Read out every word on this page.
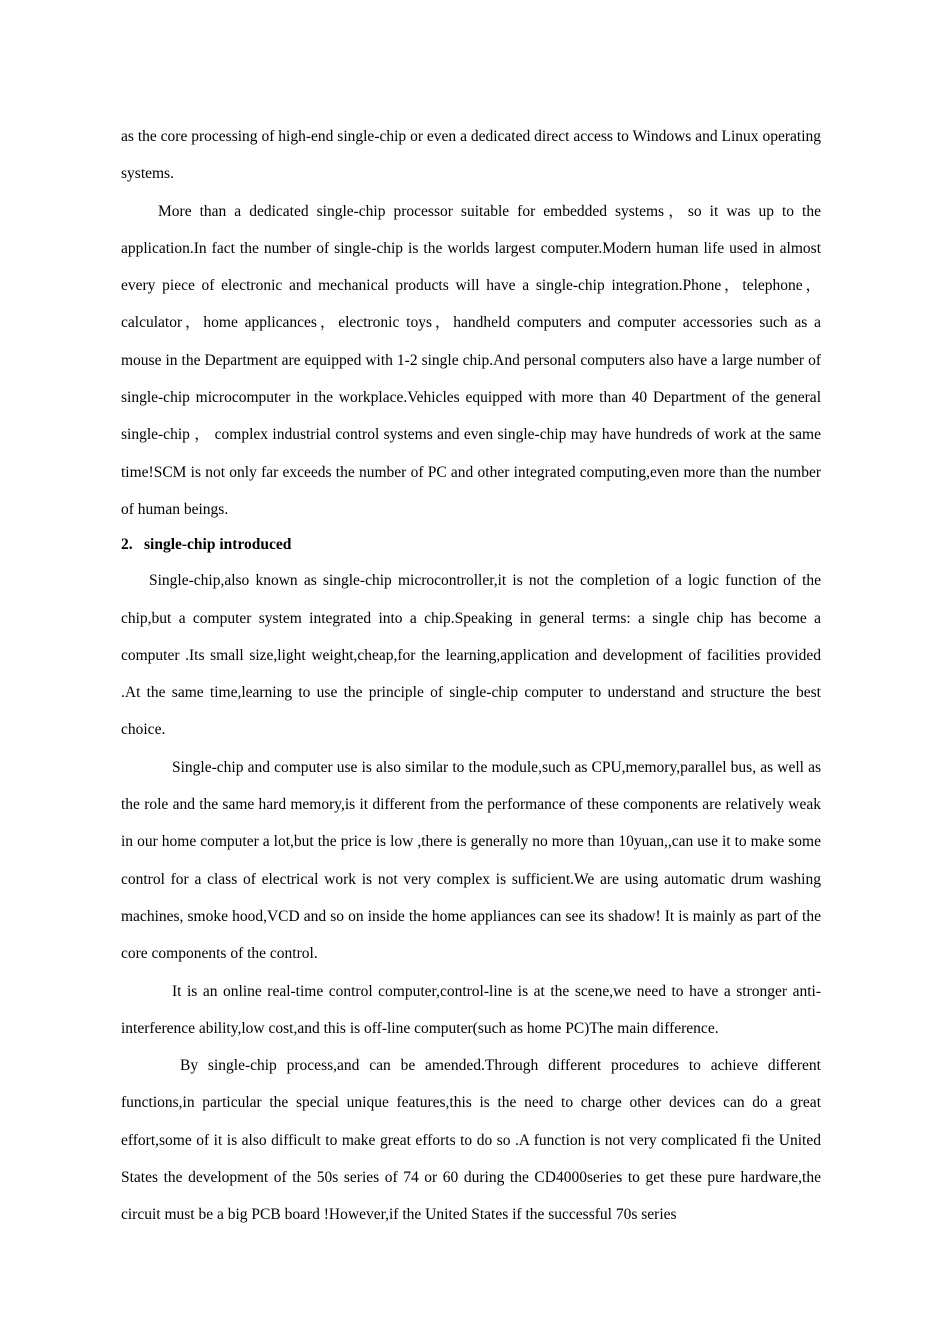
as the core processing of high-end single-chip or even a dedicated direct access to Windows and Linux operating systems.

More than a dedicated single-chip processor suitable for embedded systems，so it was up to the application.In fact the number of single-chip is the worlds largest computer.Modern human life used in almost every piece of electronic and mechanical products will have a single-chip integration.Phone，telephone，calculator，home applicances，electronic toys，handheld computers and computer accessories such as a mouse in the Department are equipped with 1-2 single chip.And personal computers also have a large number of single-chip microcomputer in the workplace.Vehicles equipped with more than 40 Department of the general single-chip ， complex industrial control systems and even single-chip may have hundreds of work at the same time!SCM is not only far exceeds the number of PC and other integrated computing,even more than the number of human beings.

2. single-chip introduced

Single-chip,also known as single-chip microcontroller,it is not the completion of a logic function of the chip,but a computer system integrated into a chip.Speaking in general terms: a single chip has become a computer .Its small size,light weight,cheap,for the learning,application and development of facilities provided .At the same time,learning to use the principle of single-chip computer to understand and structure the best choice.

Single-chip and computer use is also similar to the module,such as CPU,memory,parallel bus, as well as the role and the same hard memory,is it different from the performance of these components are relatively weak in our home computer a lot,but the price is low ,there is generally no more than 10yuan,,can use it to make some control for a class of electrical work is not very complex is sufficient.We are using automatic drum washing machines, smoke hood,VCD and so on inside the home appliances can see its shadow! It is mainly as part of the core components of the control.

It is an online real-time control computer,control-line is at the scene,we need to have a stronger anti-interference ability,low cost,and this is off-line computer(such as home PC)The main difference.

By single-chip process,and can be amended.Through different procedures to achieve different functions,in particular the special unique features,this is the need to charge other devices can do a great effort,some of it is also difficult to make great efforts to do so .A function is not very complicated fi the United States the development of the 50s series of 74 or 60 during the CD4000series to get these pure hardware,the circuit must be a big PCB board !However,if the United States if the successful 70s series
